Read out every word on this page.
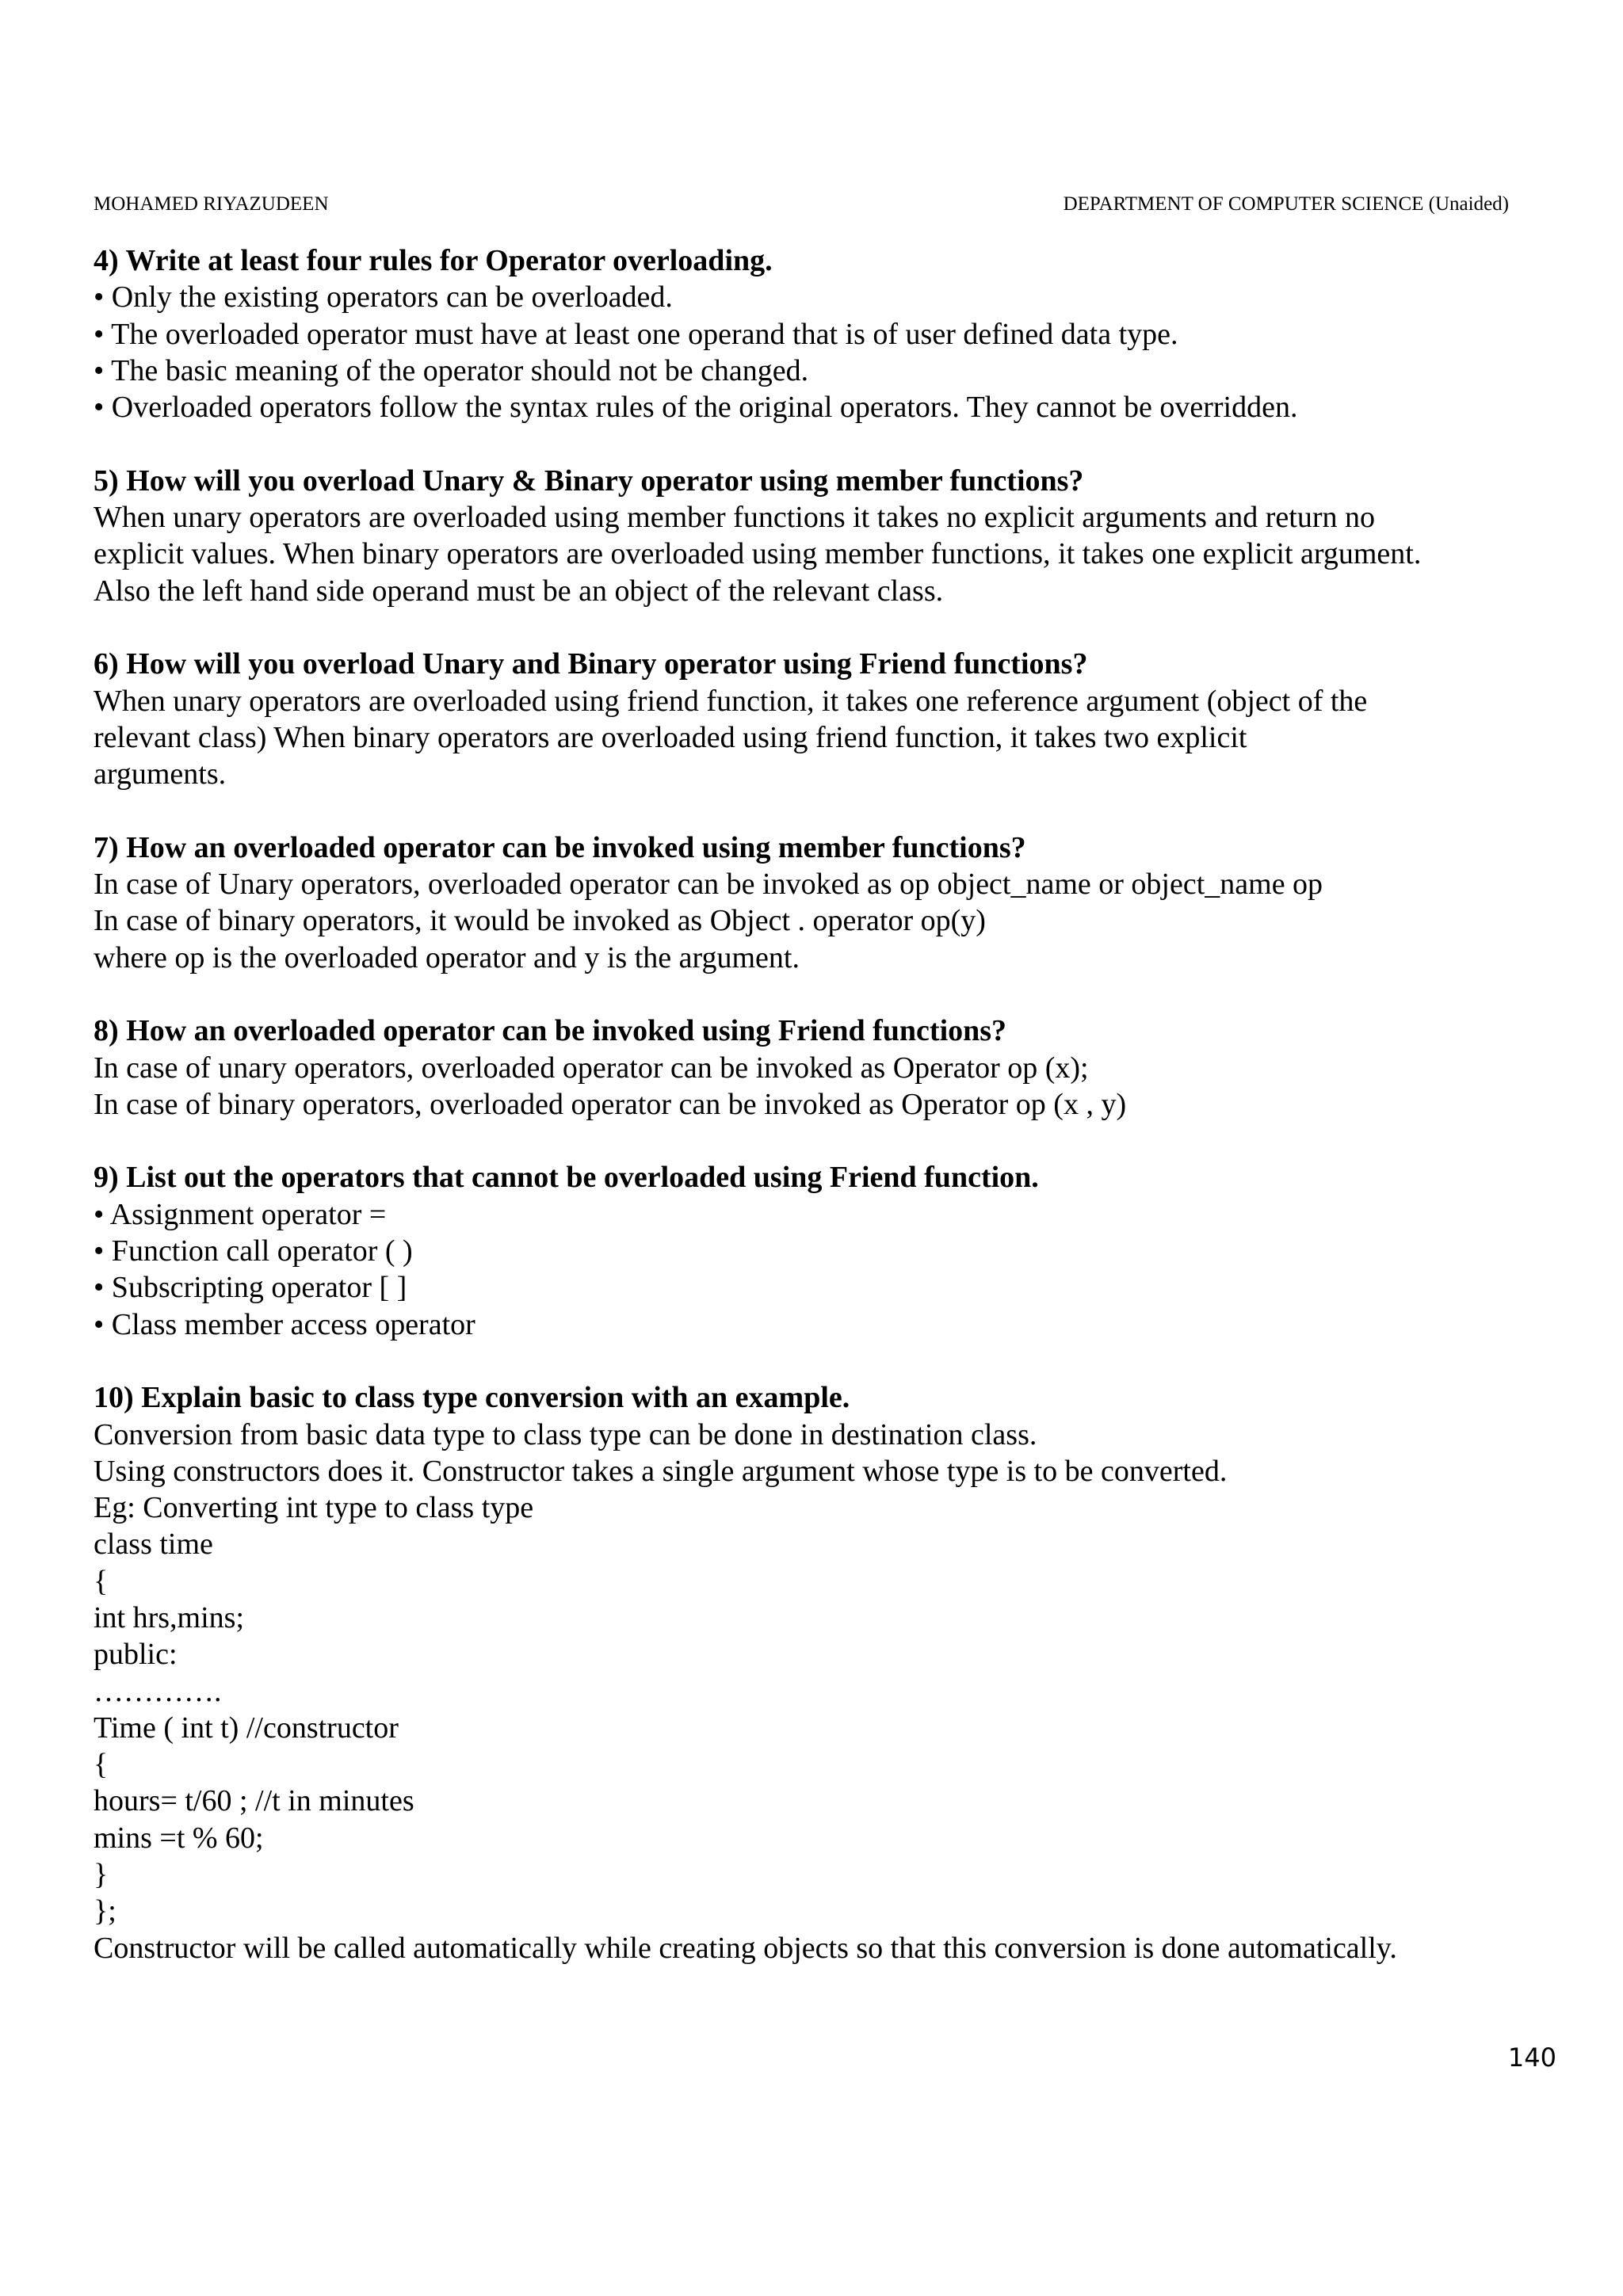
MOHAMED RIYAZUDEEN	DEPARTMENT OF COMPUTER SCIENCE (Unaided)

4) Write at least four rules for Operator overloading.

• Only the existing operators can be overloaded.

• The overloaded operator must have at least one operand that is of user defined data type.

• The basic meaning of the operator should not be changed.

• Overloaded operators follow the syntax rules of the original operators. They cannot be overridden.

5) How will you overload Unary & Binary operator using member functions?

When unary operators are overloaded using member functions it takes no explicit arguments and return no

explicit values. When binary operators are overloaded using member functions, it takes one explicit argument.

Also the left hand side operand must be an object of the relevant class.

6) How will you overload Unary and Binary operator using Friend functions?

When unary operators are overloaded using friend function, it takes one reference argument (object of the

relevant class) When binary operators are overloaded using friend function, it takes two explicit

arguments.

7) How an overloaded operator can be invoked using member functions?

In case of Unary operators, overloaded operator can be invoked as op object_name or object_name op

In case of binary operators, it would be invoked as Object . operator op(y)

where op is the overloaded operator and y is the argument.

8) How an overloaded operator can be invoked using Friend functions?

In case of unary operators, overloaded operator can be invoked as Operator op (x);

In case of binary operators, overloaded operator can be invoked as Operator op (x , y)

9) List out the operators that cannot be overloaded using Friend function.

• Assignment operator =

• Function call operator ( )

• Subscripting operator [ ]

• Class member access operator

10) Explain basic to class type conversion with an example.

Conversion from basic data type to class type can be done in destination class.

Using constructors does it. Constructor takes a single argument whose type is to be converted.

Eg: Converting int type to class type

class time

{

int hrs,mins;

public:

………….

Time ( int t) //constructor

{

hours= t/60 ; //t in minutes

mins =t % 60;

}

};

Constructor will be called automatically while creating objects so that this conversion is done automatically.

140
